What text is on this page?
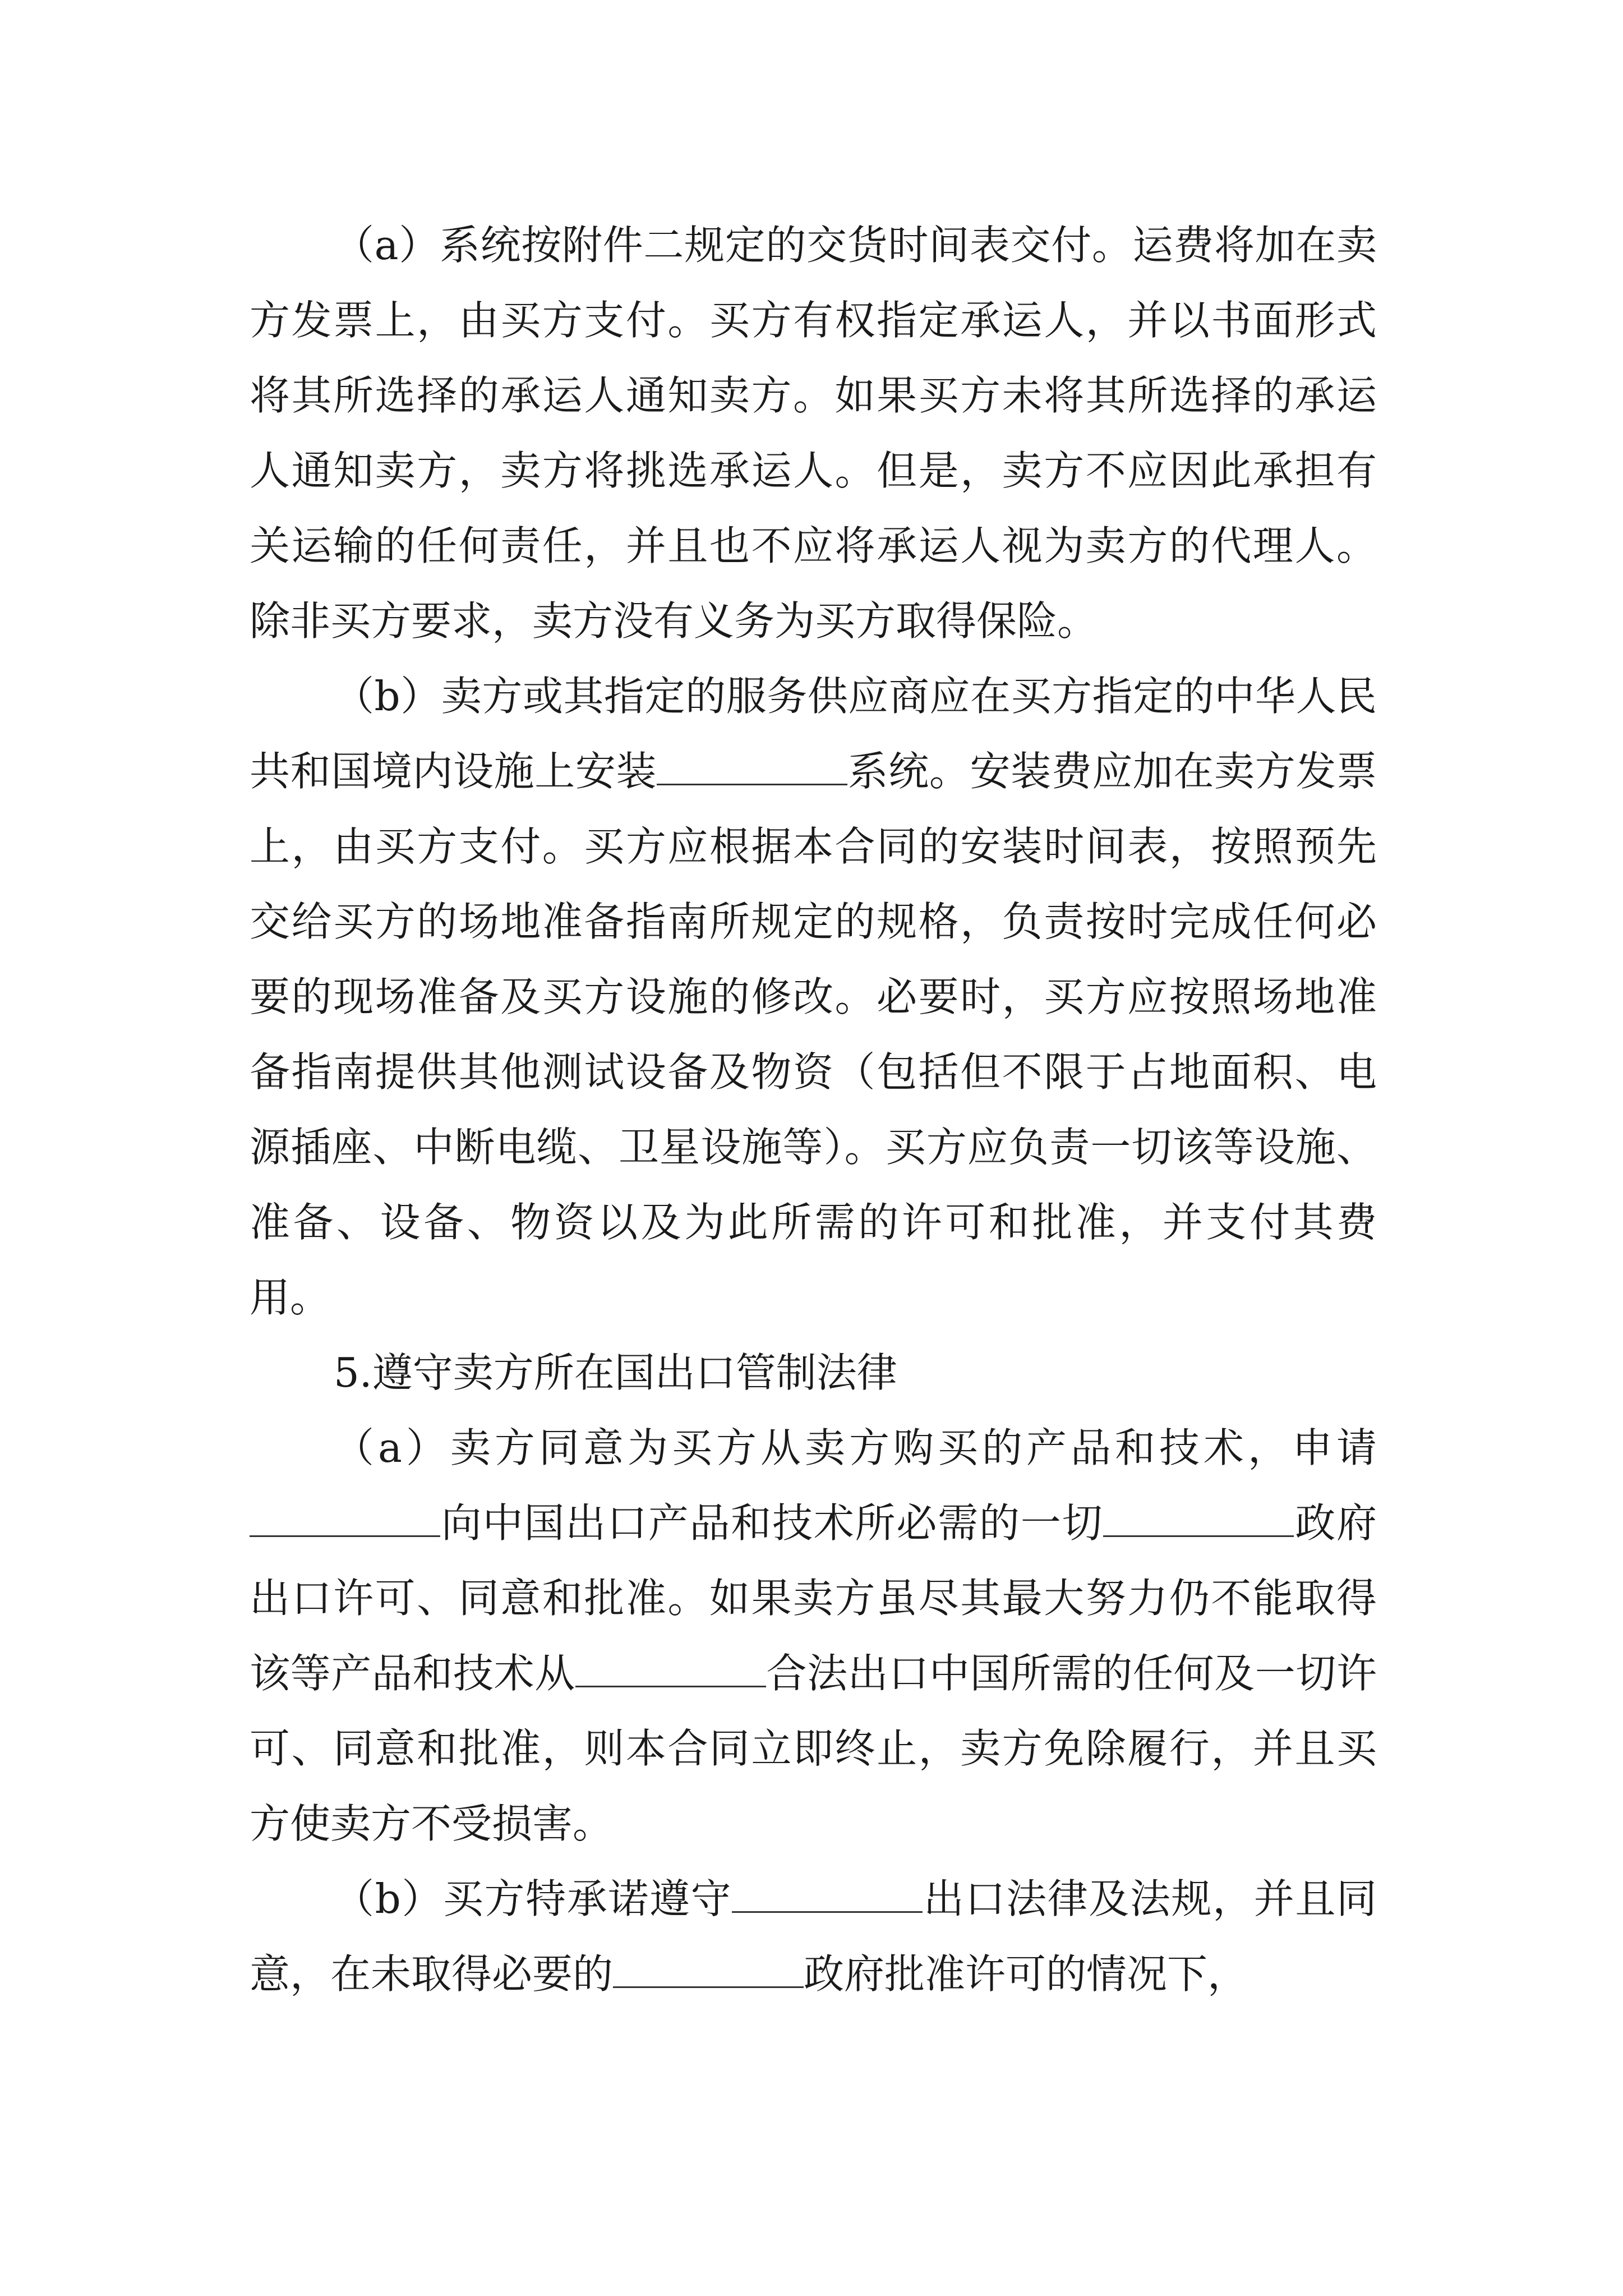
（a）系统按附件二规定的交货时间表交付。运费将加在卖方发票上，由买方支付。买方有权指定承运人，并以书面形式将其所选择的承运人通知卖方。如果买方未将其所选择的承运人通知卖方，卖方将挑选承运人。但是，卖方不应因此承担有关运输的任何责任，并且也不应将承运人视为卖方的代理人。除非买方要求，卖方没有义务为买方取得保险。

（b）卖方或其指定的服务供应商应在买方指定的中华人民共和国境内设施上安装	系统。安装费应加在卖方发票上，由买方支付。买方应根据本合同的安装时间表，按照预先交给买方的场地准备指南所规定的规格，负责按时完成任何必要的现场准备及买方设施的修改。必要时，买方应按照场地准备指南提供其他测试设备及物资（包括但不限于占地面积、电源插座、中断电缆、卫星设施等）。买方应负责一切该等设施、准备、设备、物资以及为此所需的许可和批准，并支付其费用。

5.遵守卖方所在国出口管制法律

（a）卖方同意为买方从卖方购买的产品和技术，申请向中国出口产品和技术所必需的一切	政府出口许可、同意和批准。如果卖方虽尽其最大努力仍不能取得该等产品和技术从	合法出口中国所需的任何及一切许可、同意和批准，则本合同立即终止，卖方免除履行，并且买方使卖方不受损害。

（b）买方特承诺遵守	出口法律及法规，并且同意，在未取得必要的	政府批准许可的情况下，
